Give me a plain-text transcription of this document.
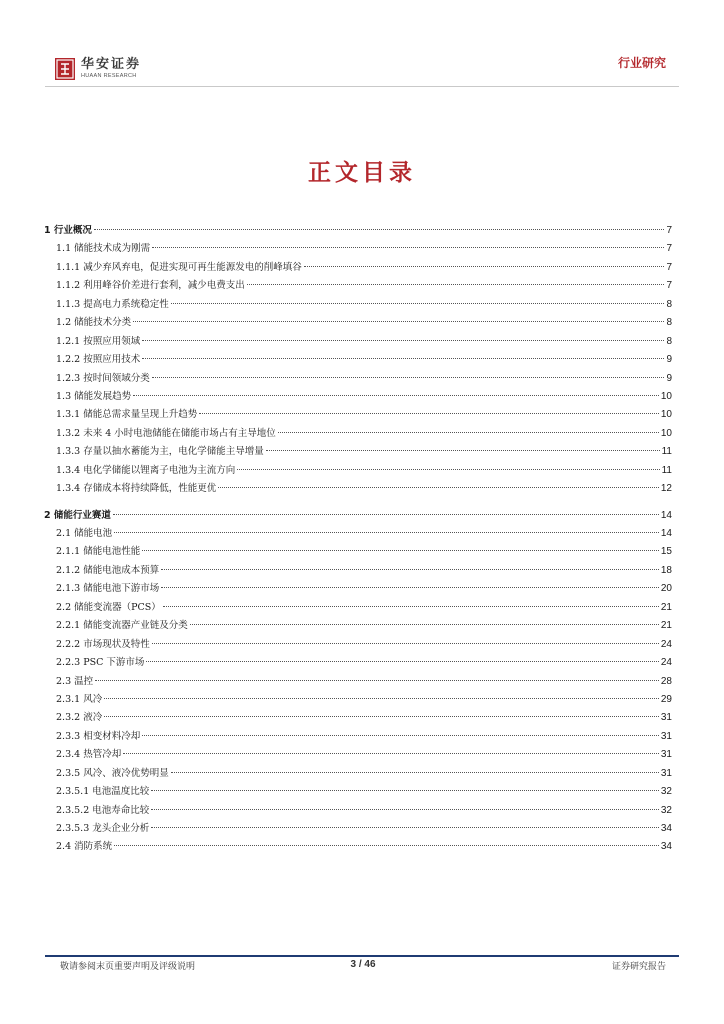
华安证券
HUAAN RESEARCH
行业研究
正文目录
1 行业概况	7
1.1 储能技术成为刚需	7
1.1.1 减少弃风弃电，促进实现可再生能源发电的削峰填谷	7
1.1.2 利用峰谷价差进行套利，减少电费支出	7
1.1.3 提高电力系统稳定性	8
1.2 储能技术分类	8
1.2.1 按照应用领域	8
1.2.2 按照应用技术	9
1.2.3 按时间领域分类	9
1.3 储能发展趋势	10
1.3.1 储能总需求量呈现上升趋势	10
1.3.2 未来 4 小时电池储能在储能市场占有主导地位	10
1.3.3 存量以抽水蓄能为主，电化学储能主导增量	11
1.3.4 电化学储能以锂离子电池为主流方向	11
1.3.4 存储成本将持续降低，性能更优	12
2 储能行业赛道	14
2.1 储能电池	14
2.1.1 储能电池性能	15
2.1.2 储能电池成本预算	18
2.1.3 储能电池下游市场	20
2.2 储能变流器（PCS）	21
2.2.1 储能变流器产业链及分类	21
2.2.2 市场现状及特性	24
2.2.3 PSC 下游市场	24
2.3 温控	28
2.3.1 风冷	29
2.3.2 液冷	31
2.3.3 相变材料冷却	31
2.3.4 热管冷却	31
2.3.5 风冷、液冷优势明显	31
2.3.5.1 电池温度比较	32
2.3.5.2 电池寿命比较	32
2.3.5.3 龙头企业分析	34
2.4 消防系统	34
敬请参阅末页重要声明及评级说明	3 / 46	证券研究报告
